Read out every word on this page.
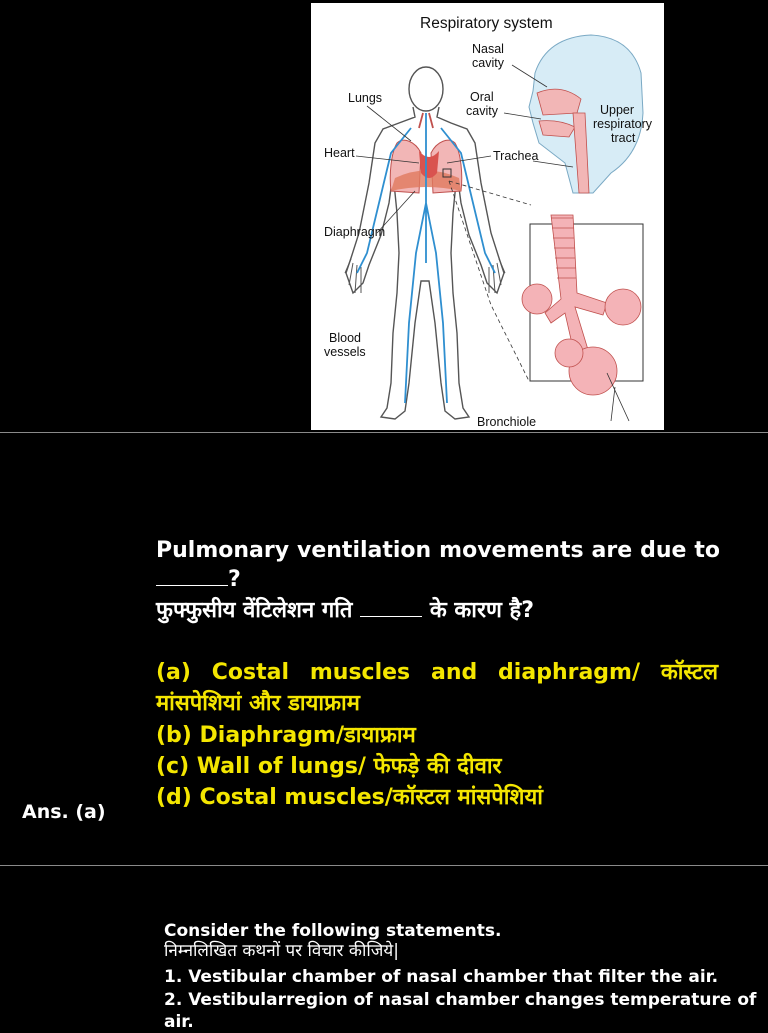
Respiratory system
Nasal
cavity
Oral
cavity
Lungs
Heart	Trachea
Diaphragm
Blood
vessels
Upper
respiratory
tract
Bronchiole
Pulmonary ventilation movements are due to
?
फुफ्फुसीय वेंटिलेशन गति	के कारण है?
(a) Costal muscles and diaphragm/ कॉस्टल
मांसपेशियां और डायाफ्राम
(b) Diaphragm/डायाफ्राम
(c) Wall of lungs/ फेफड़े की दीवार
(d) Costal muscles/कॉस्टल मांसपेशियां
Ans. (a)
Consider the following statements.
निम्नलिखित कथनों पर विचार कीजिये|
1. Vestibular chamber of nasal chamber that filter the air.
2. Vestibularregion of nasal chamber changes temperature of
air.
